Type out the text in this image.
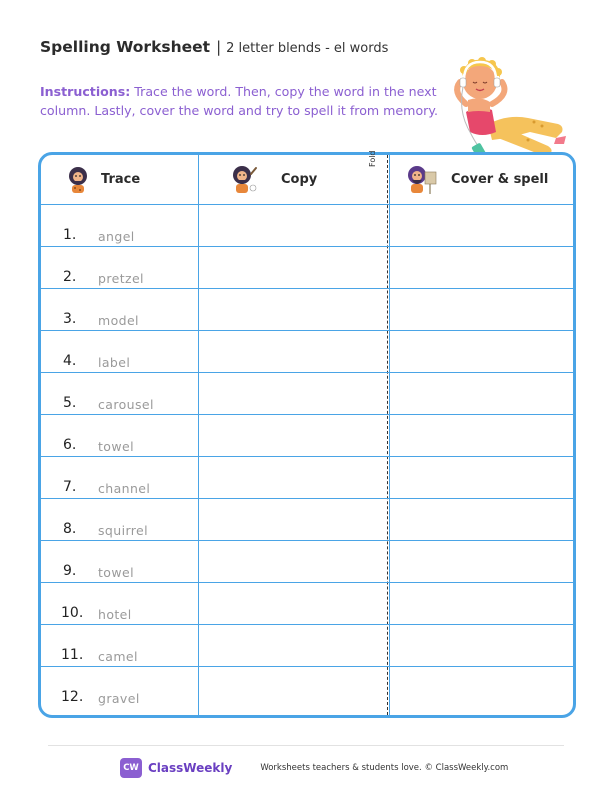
Spelling Worksheet | 2 letter blends - el words
Instructions: Trace the word. Then, copy the word in the next column. Lastly, cover the word and try to spell it from memory.
Trace	Copy
Fold
Cover & spell
1. angel
2. pretzel
3. model
4. label
5. carousel
6. towel
7. channel
8. squirrel
9. towel
10. hotel
11. camel
12. gravel
CW ClassWeekly	Worksheets teachers & students love. © ClassWeekly.com
